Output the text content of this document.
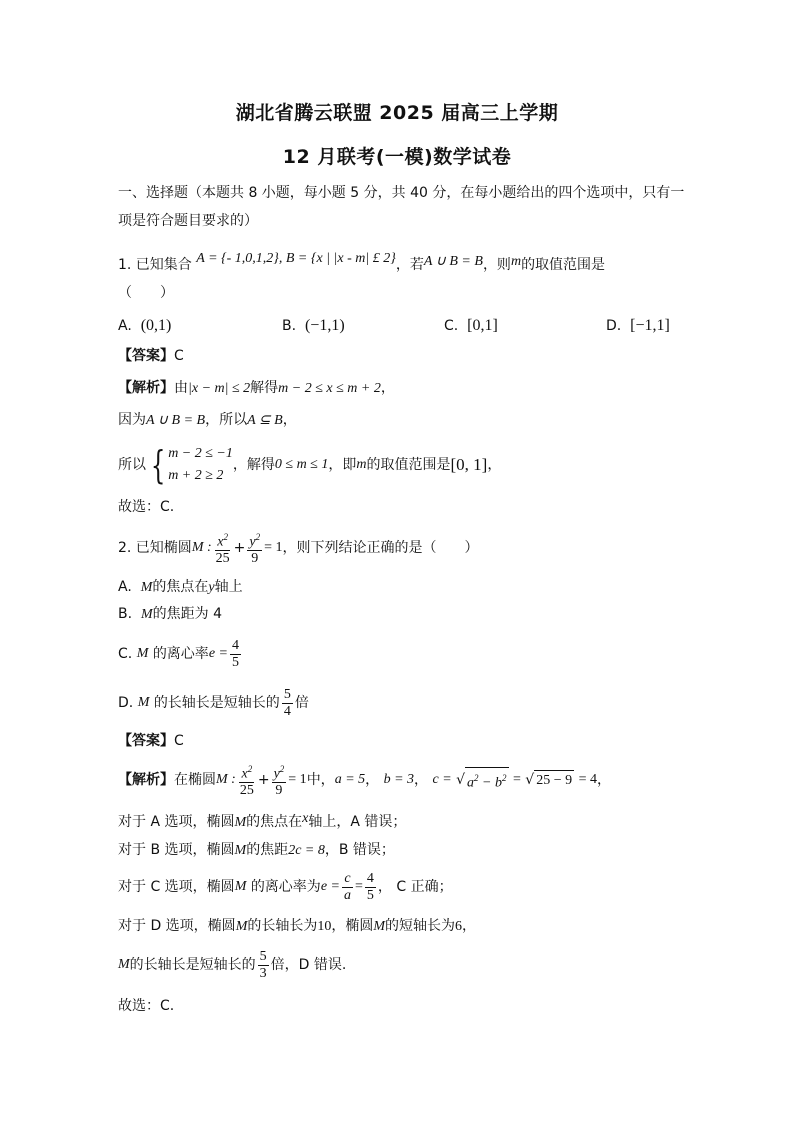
湖北省腾云联盟 2025 届高三上学期
12 月联考(一模)数学试卷
一、选择题（本题共 8 小题，每小题 5 分，共 40 分，在每小题给出的四个选项中，只有一
项是符合题目要求的）
1. 已知集合 A = {- 1,0,1,2}, B = {x | |x - m| £ 2}，若A ∪ B = B，则m的取值范围是
（　　）
A. (0,1)	B. (−1,1)	C. [0,1]	D. [−1,1]
【答案】C
【解析】由|x − m| ≤ 2解得m − 2 ≤ x ≤ m + 2，
因为A ∪ B = B，所以A ⊆ B，
所以 { m − 2 ≤ −1
m + 2 ≥ 2
，解得 0 ≤ m ≤ 1 ，即 m 的取值范围是 [0, 1] ，
故选：C.
2. 已知椭圆 M : $\frac{x^2}{25} + \frac{y^2}{9} = 1$ ，则下列结论正确的是（　　）
A. M的焦点在y轴上
B. M的焦距为 4
C.
M
的离心率 $e = \frac{4}{5}$
D.
M
的长轴长是短轴长的 $\frac{5}{4}$ 倍
【答案】C
【解析】 在椭圆 M : $\frac{x^2}{25} + \frac{y^2}{9} = 1$ 中， a = 5 ，
b = 3 ，
c = √ $a^2 - b^2$
= √ 25 − 9
= 4 ，
对于 A 选项，椭圆M的焦点在x轴上，A 错误；
对于 B 选项，椭圆M的焦距2c = 8，B 错误；
对于 C 选项，椭圆 M
的离心率为 $e = \frac{c}{a} = \frac{4}{5}$ ， C 正确；
对于 D 选项，椭圆M的长轴长为10，椭圆M的短轴长为6，
M 的长轴长是短轴长的 $\frac{5}{3}$ 倍，D 错误.
故选：C.
